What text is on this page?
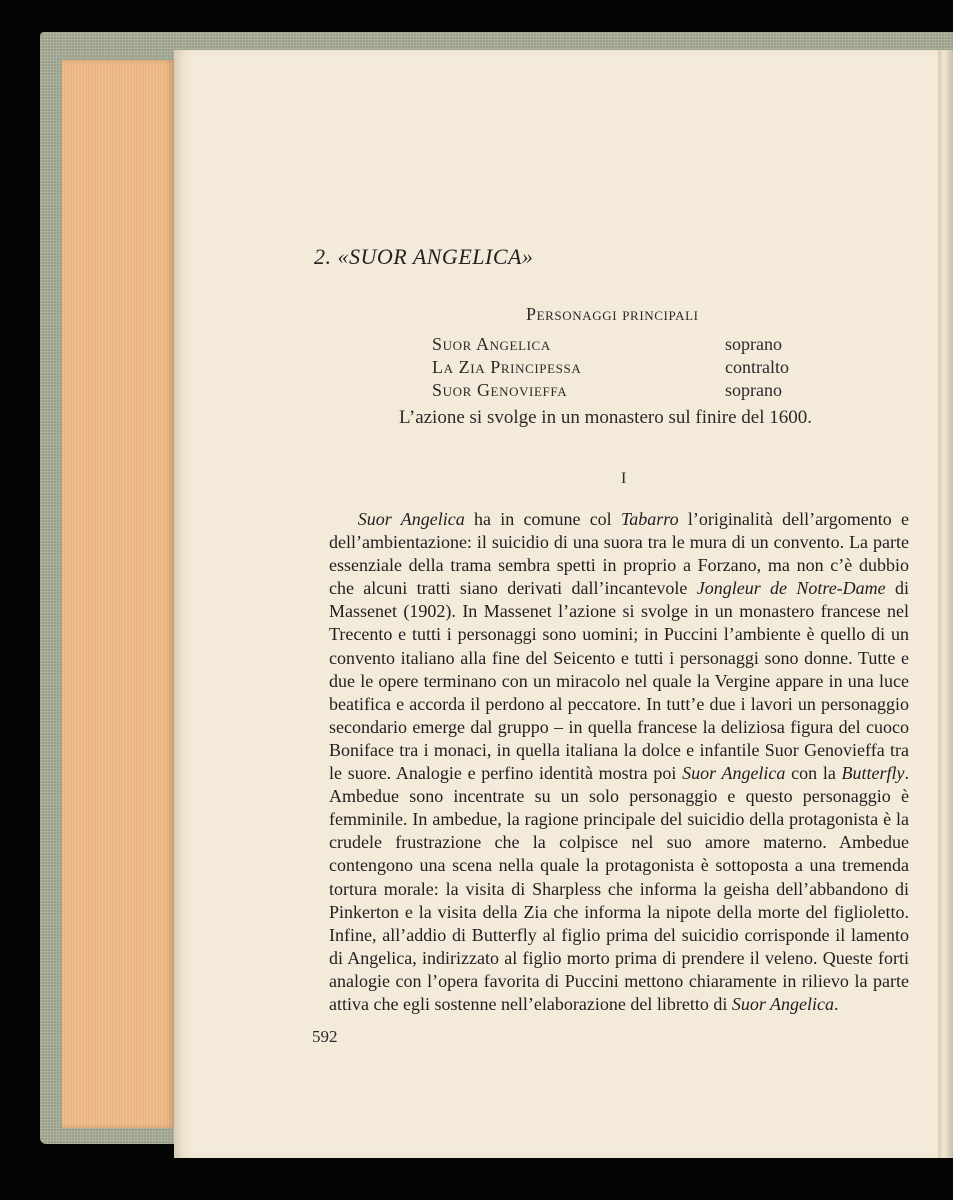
2. «SUOR ANGELICA»
Personaggi principali
Suor Angelica	soprano
La Zia Principessa	contralto
Suor Genovieffa	soprano
L’azione si svolge in un monastero sul finire del 1600.
I

Suor Angelica ha in comune col Tabarro l’originalità dell’argomento e dell’ambientazione: il suicidio di una suora tra le mura di un convento. La parte essenziale della trama sembra spetti in proprio a Forzano, ma non c’è dubbio che alcuni tratti siano derivati dall’incantevole Jongleur de Notre-Dame di Massenet (1902). In Massenet l’azione si svolge in un monastero francese nel Trecento e tutti i personaggi sono uomini; in Puccini l’ambiente è quello di un convento italiano alla fine del Seicento e tutti i personaggi sono donne. Tutte e due le opere terminano con un miracolo nel quale la Vergine appare in una luce beatifica e accorda il perdono al peccatore. In tutt’e due i lavori un personaggio secondario emerge dal gruppo – in quella francese la deliziosa figura del cuoco Boniface tra i monaci, in quella italiana la dolce e infantile Suor Genovieffa tra le suore. Analogie e perfino identità mostra poi Suor Angelica con la Butterfly. Ambedue sono incentrate su un solo personaggio e questo personaggio è femminile. In ambedue, la ragione principale del suicidio della protagonista è la crudele frustrazione che la colpisce nel suo amore materno. Ambedue contengono una scena nella quale la protagonista è sottoposta a una tremenda tortura morale: la visita di Sharpless che informa la geisha dell’abbandono di Pinkerton e la visita della Zia che informa la nipote della morte del figlioletto. Infine, all’addio di Butterfly al figlio prima del suicidio corrisponde il lamento di Angelica, indirizzato al figlio morto prima di prendere il veleno. Queste forti analogie con l’opera favorita di Puccini mettono chiaramente in rilievo la parte attiva che egli sostenne nell’elaborazione del libretto di Suor Angelica.

592
